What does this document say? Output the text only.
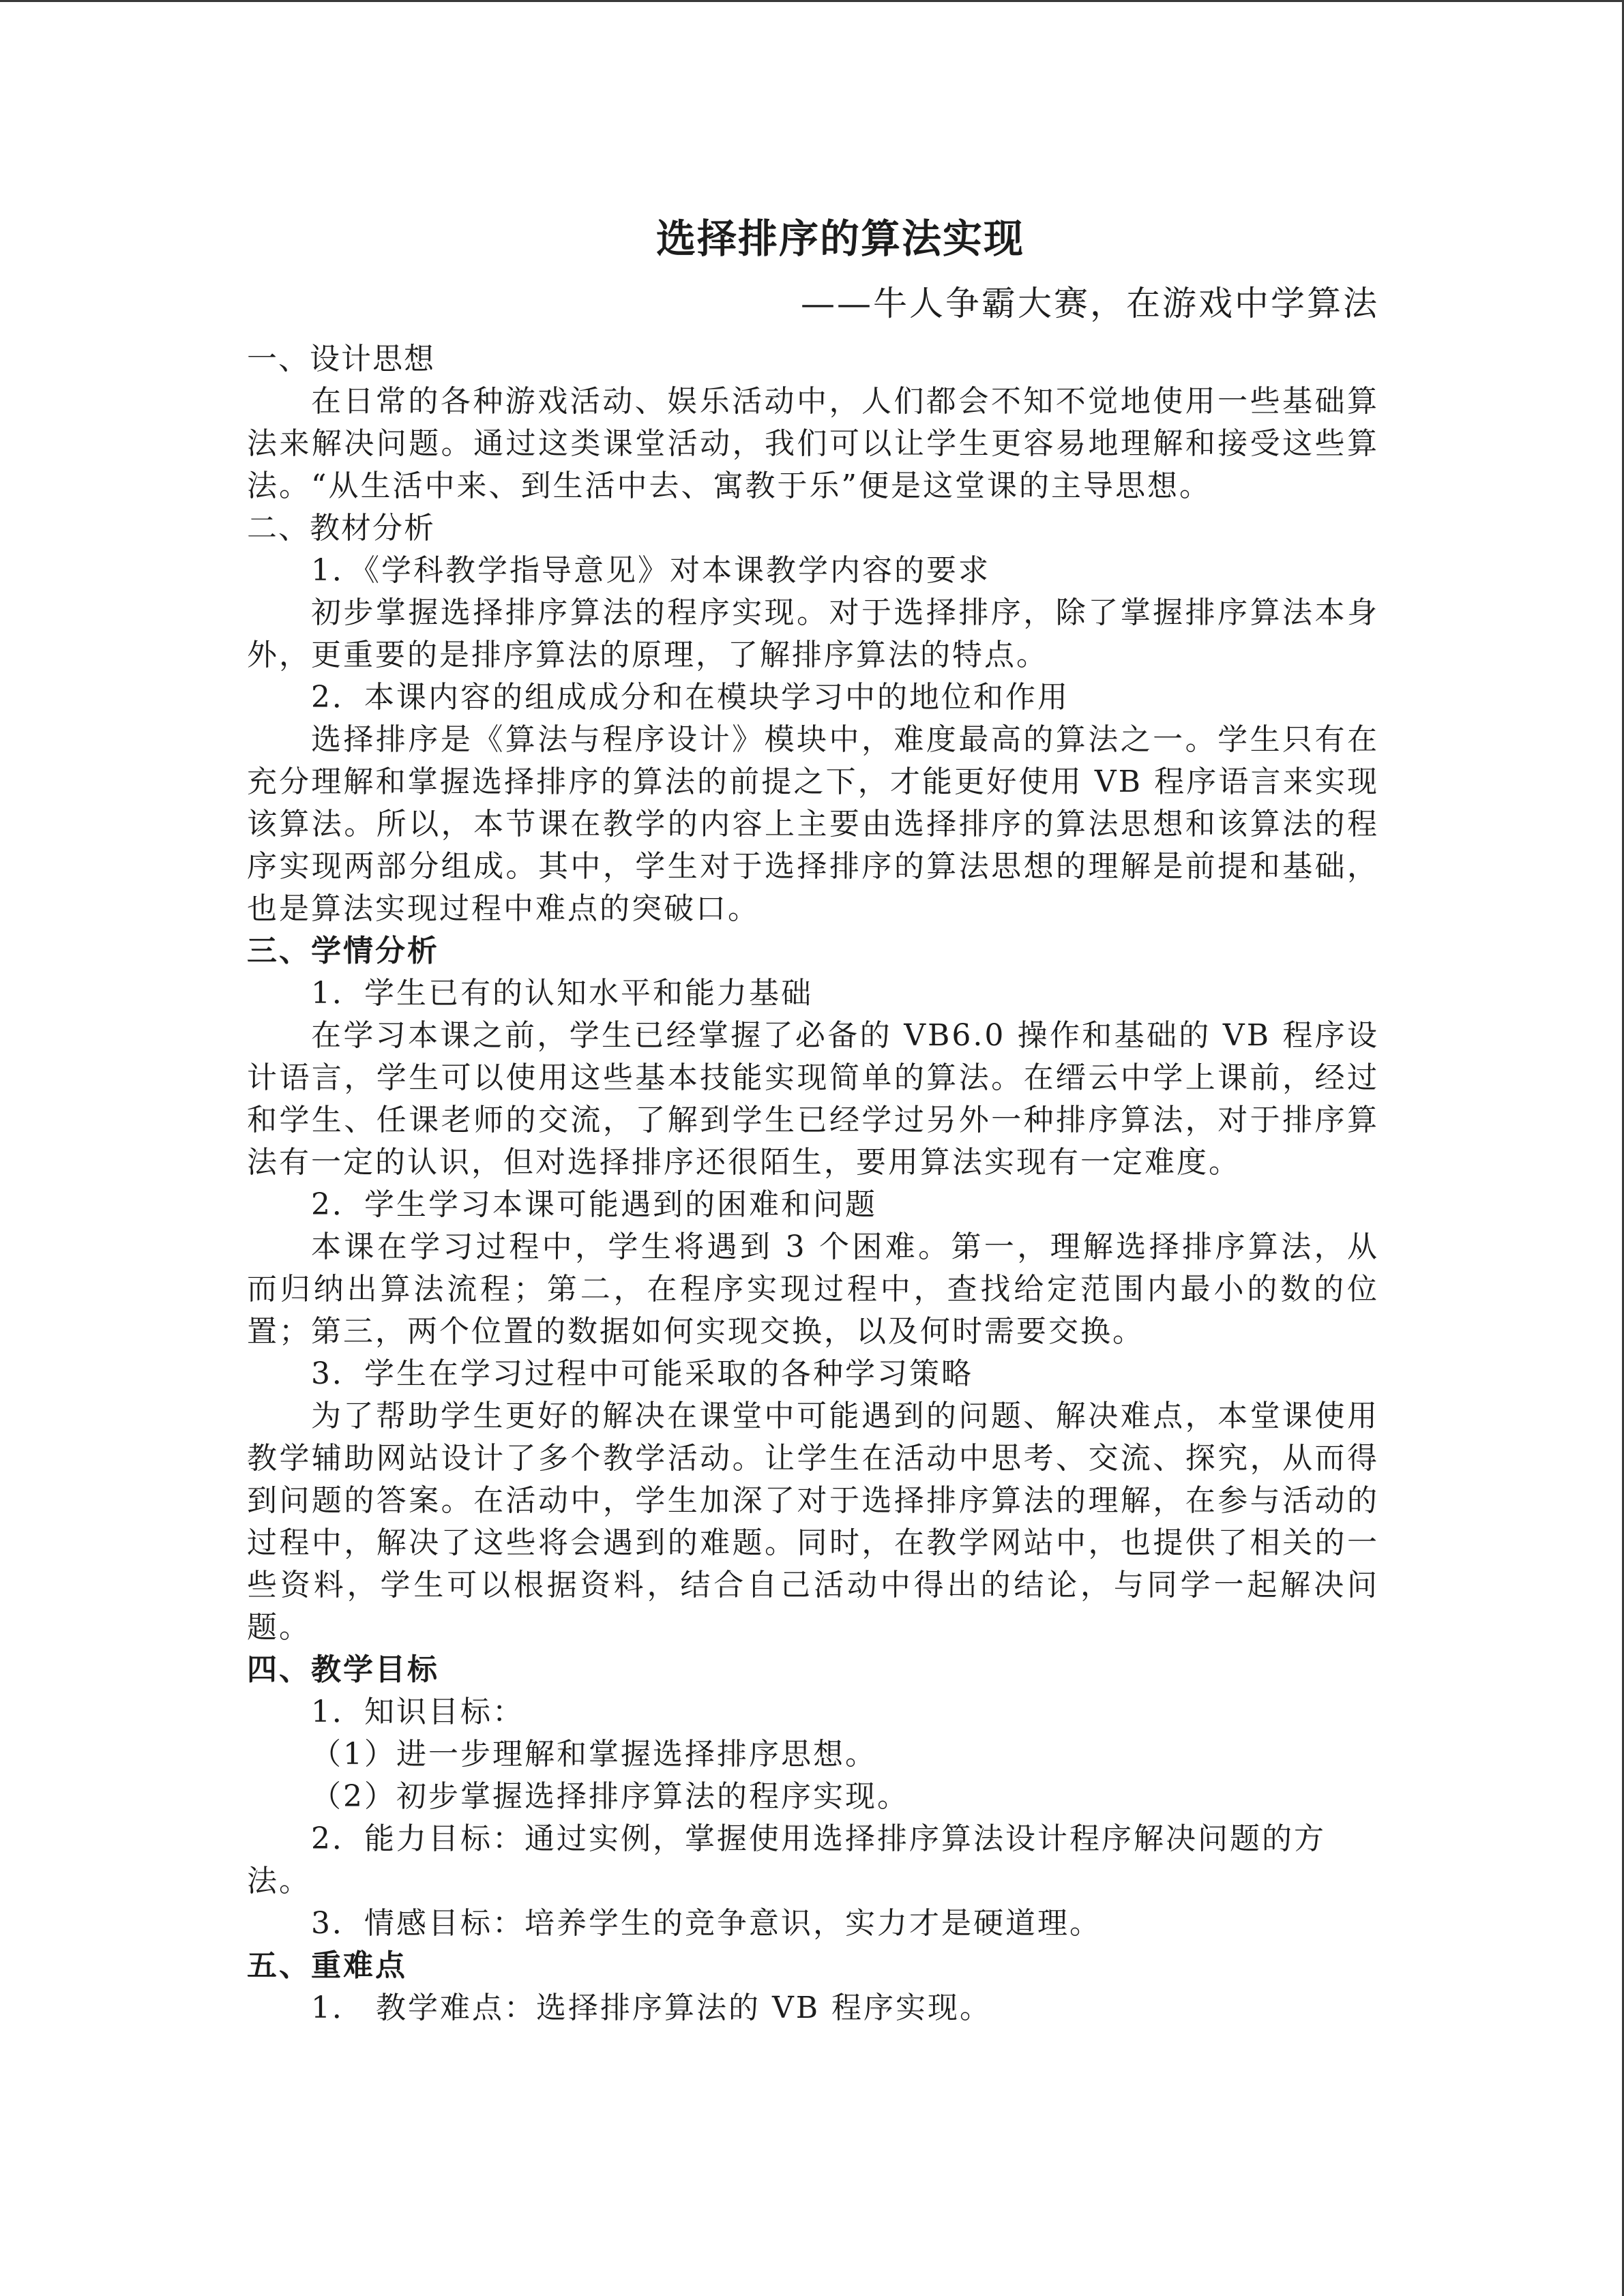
选择排序的算法实现

——牛人争霸大赛，在游戏中学算法

一、设计思想

在日常的各种游戏活动、娱乐活动中，人们都会不知不觉地使用一些基础算法来解决问题。通过这类课堂活动，我们可以让学生更容易地理解和接受这些算法。“从生活中来、到生活中去、寓教于乐”便是这堂课的主导思想。

二、教材分析

1．《学科教学指导意见》对本课教学内容的要求

初步掌握选择排序算法的程序实现。对于选择排序，除了掌握排序算法本身外，更重要的是排序算法的原理，了解排序算法的特点。

2．本课内容的组成成分和在模块学习中的地位和作用

选择排序是《算法与程序设计》模块中，难度最高的算法之一。学生只有在充分理解和掌握选择排序的算法的前提之下，才能更好使用 VB 程序语言来实现该算法。所以，本节课在教学的内容上主要由选择排序的算法思想和该算法的程序实现两部分组成。其中，学生对于选择排序的算法思想的理解是前提和基础，也是算法实现过程中难点的突破口。

三、学情分析

1．学生已有的认知水平和能力基础

在学习本课之前，学生已经掌握了必备的 VB6.0 操作和基础的 VB 程序设计语言，学生可以使用这些基本技能实现简单的算法。在缙云中学上课前，经过和学生、任课老师的交流，了解到学生已经学过另外一种排序算法，对于排序算法有一定的认识，但对选择排序还很陌生，要用算法实现有一定难度。

2．学生学习本课可能遇到的困难和问题

本课在学习过程中，学生将遇到 3 个困难。第一，理解选择排序算法，从而归纳出算法流程；第二，在程序实现过程中，查找给定范围内最小的数的位置；第三，两个位置的数据如何实现交换，以及何时需要交换。

3．学生在学习过程中可能采取的各种学习策略

为了帮助学生更好的解决在课堂中可能遇到的问题、解决难点，本堂课使用教学辅助网站设计了多个教学活动。让学生在活动中思考、交流、探究，从而得到问题的答案。在活动中，学生加深了对于选择排序算法的理解，在参与活动的过程中，解决了这些将会遇到的难题。同时，在教学网站中，也提供了相关的一些资料，学生可以根据资料，结合自己活动中得出的结论，与同学一起解决问题。

四、教学目标

1．知识目标：

（1）进一步理解和掌握选择排序思想。

（2）初步掌握选择排序算法的程序实现。

2．能力目标：通过实例，掌握使用选择排序算法设计程序解决问题的方法。

3．情感目标：培养学生的竞争意识，实力才是硬道理。

五、重难点

1． 教学难点：选择排序算法的 VB 程序实现。
